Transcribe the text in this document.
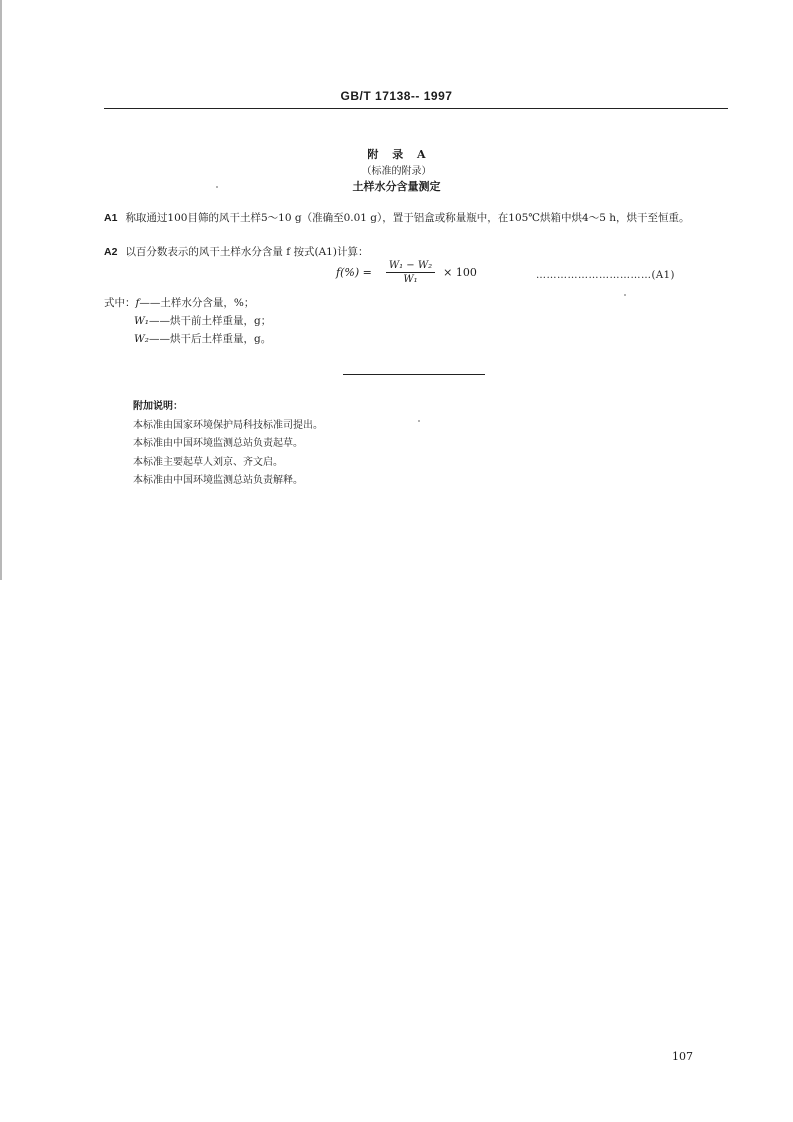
GB/T 17138-- 1997
附 录 A
（标准的附录）
土样水分含量测定
A1 称取通过100目筛的风干土样5～10 g（准确至0.01 g），置于铝盒或称量瓶中，在105℃烘箱中烘4～5 h，烘干至恒重。
A2 以百分数表示的风干土样水分含量 f 按式(A1)计算：
$f(\%) = \frac{\text{W₁ − W₂}}{\text{W₁}} \times 100$	……………………………(A1)
式中：f——土样水分含量，%；
W₁——烘干前土样重量，g；
W₂——烘干后土样重量，g。
附加说明：
本标准由国家环境保护局科技标准司提出。
本标准由中国环境监测总站负责起草。
本标准主要起草人刘京、齐文启。
本标准由中国环境监测总站负责解释。
107
